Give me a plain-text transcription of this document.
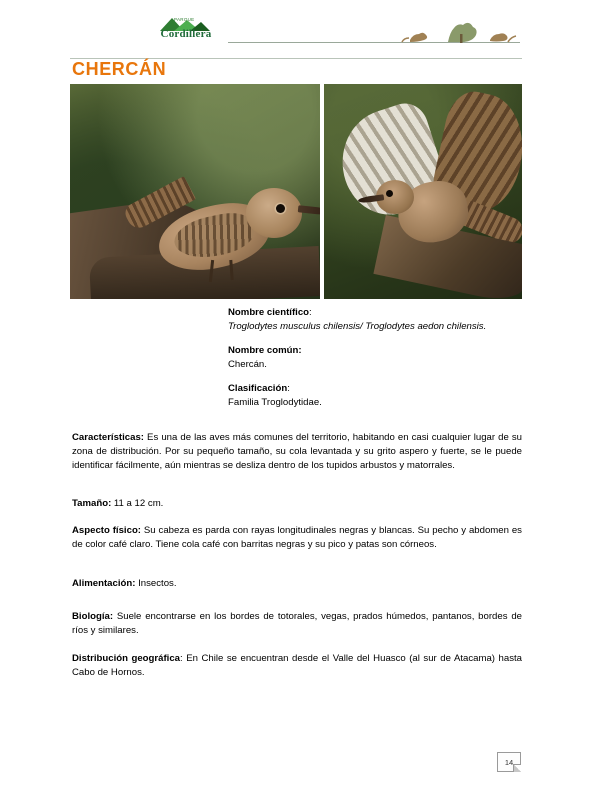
PARQUE
Cordillera
CHERCÁN
Nombre científico:
Troglodytes musculus chilensis/ Troglodytes aedon chilensis.
Nombre común:
Chercán.
Clasificación:
Familia Troglodytidae.
Características: Es una de las aves más comunes del territorio, habitando en casi cualquier lugar de su zona de distribución. Por su pequeño tamaño, su cola levantada y su grito aspero y fuerte, se le puede identificar fácilmente, aún mientras se desliza dentro de los tupidos arbustos y matorrales.
Tamaño: 11 a 12 cm.
Aspecto físico: Su cabeza es parda con rayas longitudinales negras y blancas. Su pecho y abdomen es de color café claro. Tiene cola café con barritas negras y su pico y patas son córneos.
Alimentación: Insectos.
Biología: Suele encontrarse en los bordes de totorales, vegas, prados húmedos, pantanos, bordes de ríos y similares.
Distribución geográfica: En Chile se encuentran desde el Valle del Huasco (al sur de Atacama) hasta Cabo de Hornos.
14
